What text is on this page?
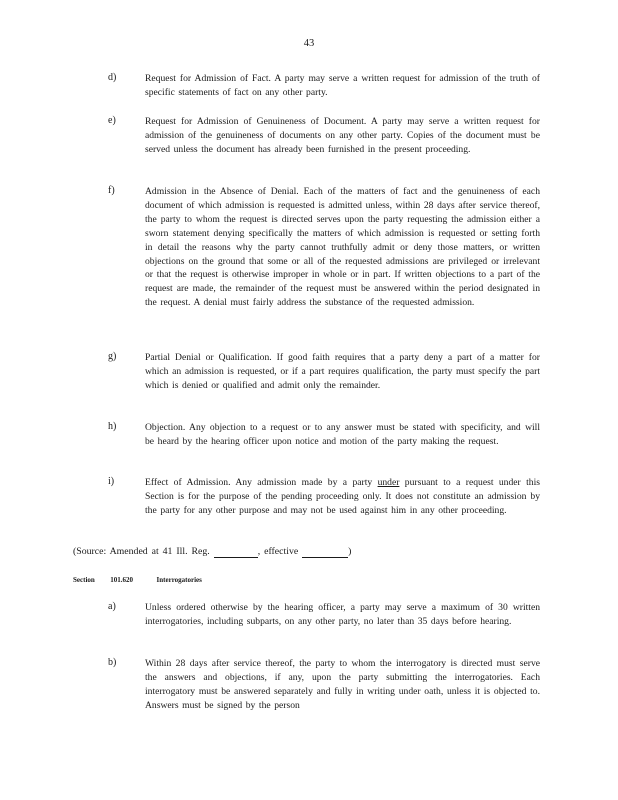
43
d)	Request for Admission of Fact. A party may serve a written request for admission of the truth of specific statements of fact on any other party.
e)	Request for Admission of Genuineness of Document. A party may serve a written request for admission of the genuineness of documents on any other party. Copies of the document must be served unless the document has already been furnished in the present proceeding.
f)	Admission in the Absence of Denial. Each of the matters of fact and the genuineness of each document of which admission is requested is admitted unless, within 28 days after service thereof, the party to whom the request is directed serves upon the party requesting the admission either a sworn statement denying specifically the matters of which admission is requested or setting forth in detail the reasons why the party cannot truthfully admit or deny those matters, or written objections on the ground that some or all of the requested admissions are privileged or irrelevant or that the request is otherwise improper in whole or in part. If written objections to a part of the request are made, the remainder of the request must be answered within the period designated in the request. A denial must fairly address the substance of the requested admission.
g)	Partial Denial or Qualification. If good faith requires that a party deny a part of a matter for which an admission is requested, or if a part requires qualification, the party must specify the part which is denied or qualified and admit only the remainder.
h)	Objection. Any objection to a request or to any answer must be stated with specificity, and will be heard by the hearing officer upon notice and motion of the party making the request.
i)	Effect of Admission. Any admission made by a party under pursuant to a request under this Section is for the purpose of the pending proceeding only. It does not constitute an admission by the party for any other purpose and may not be used against him in any other proceeding.
(Source: Amended at 41 Ill. Reg.	, effective	)
Section 101.620	Interrogatories
a)	Unless ordered otherwise by the hearing officer, a party may serve a maximum of 30 written interrogatories, including subparts, on any other party, no later than 35 days before hearing.
b)	Within 28 days after service thereof, the party to whom the interrogatory is directed must serve the answers and objections, if any, upon the party submitting the interrogatories. Each interrogatory must be answered separately and fully in writing under oath, unless it is objected to. Answers must be signed by the person
